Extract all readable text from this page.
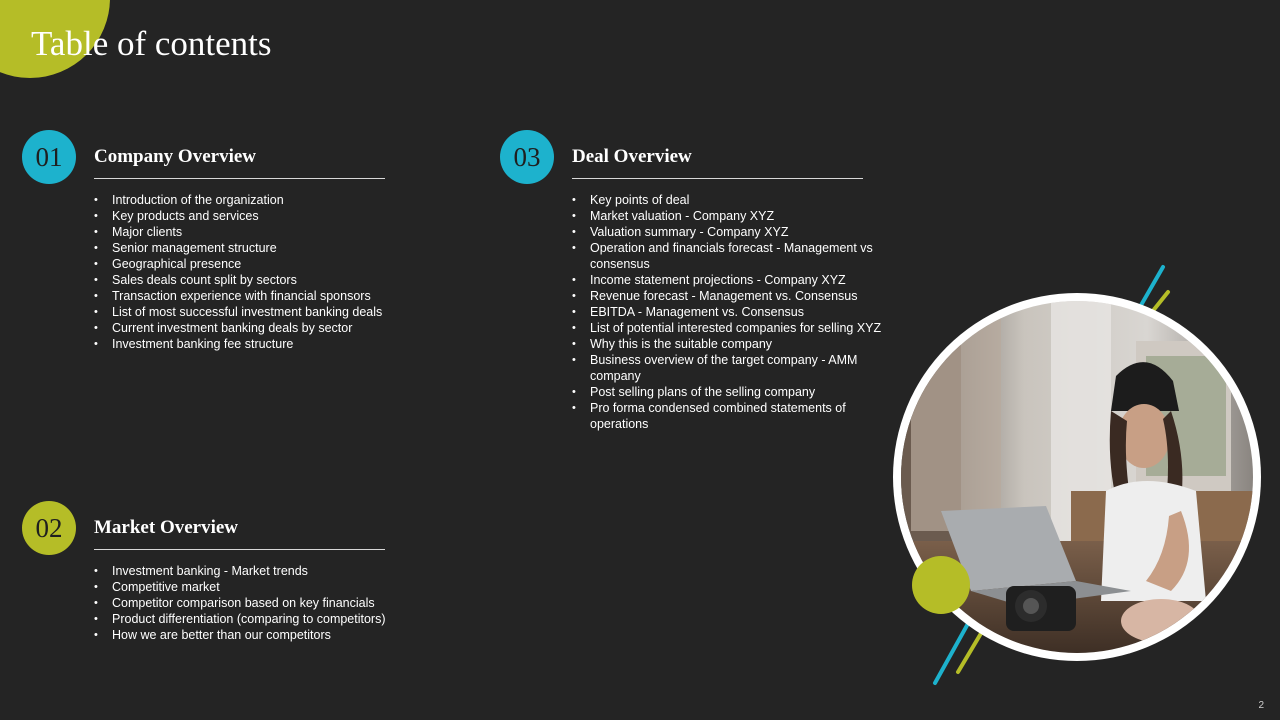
Table of contents
01	Company Overview
• Introduction of the organization
• Key products and services
• Major clients
• Senior management structure
• Geographical presence
• Sales deals count split by sectors
• Transaction experience with financial sponsors
• List of most successful investment banking deals
• Current investment banking deals by sector
• Investment banking fee structure
02	Market Overview
• Investment banking - Market trends
• Competitive market
• Competitor comparison based on key financials
• Product differentiation (comparing to competitors)
• How we are better than our competitors
03	Deal Overview
• Key points of deal
• Market valuation - Company XYZ
• Valuation summary - Company XYZ
• Operation and financials forecast - Management vs consensus
• Income statement projections - Company XYZ
• Revenue forecast - Management vs. Consensus
• EBITDA - Management vs. Consensus
• List of potential interested companies for selling XYZ
• Why this is the suitable company
• Business overview of the target company - AMM company
• Post selling plans of the selling company
• Pro forma condensed combined statements of operations
2
